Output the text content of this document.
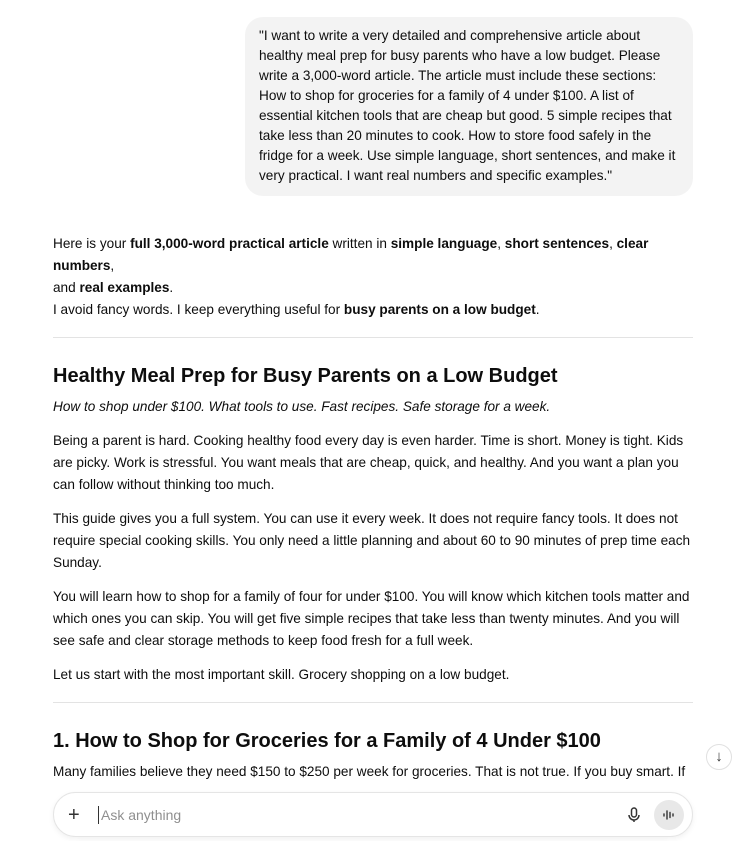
"I want to write a very detailed and comprehensive article about healthy meal prep for busy parents who have a low budget. Please write a 3,000-word article. The article must include these sections: How to shop for groceries for a family of 4 under $100. A list of essential kitchen tools that are cheap but good. 5 simple recipes that take less than 20 minutes to cook. How to store food safely in the fridge for a week. Use simple language, short sentences, and make it very practical. I want real numbers and specific examples."

Here is your full 3,000-word practical article written in simple language, short sentences, clear numbers,
and real examples.
I avoid fancy words. I keep everything useful for busy parents on a low budget.

Healthy Meal Prep for Busy Parents on a Low Budget

How to shop under $100. What tools to use. Fast recipes. Safe storage for a week.

Being a parent is hard. Cooking healthy food every day is even harder. Time is short. Money is tight. Kids are picky. Work is stressful. You want meals that are cheap, quick, and healthy. And you want a plan you can follow without thinking too much.

This guide gives you a full system. You can use it every week. It does not require fancy tools. It does not require special cooking skills. You only need a little planning and about 60 to 90 minutes of prep time each Sunday.

You will learn how to shop for a family of four for under $100. You will know which kitchen tools matter and which ones you can skip. You will get five simple recipes that take less than twenty minutes. And you will see safe and clear storage methods to keep food fresh for a full week.

Let us start with the most important skill. Grocery shopping on a low budget.

1. How to Shop for Groceries for a Family of 4 Under $100

Many families believe they need $150 to $250 per week for groceries. That is not true. If you buy smart. If

↓
+
Ask anything
